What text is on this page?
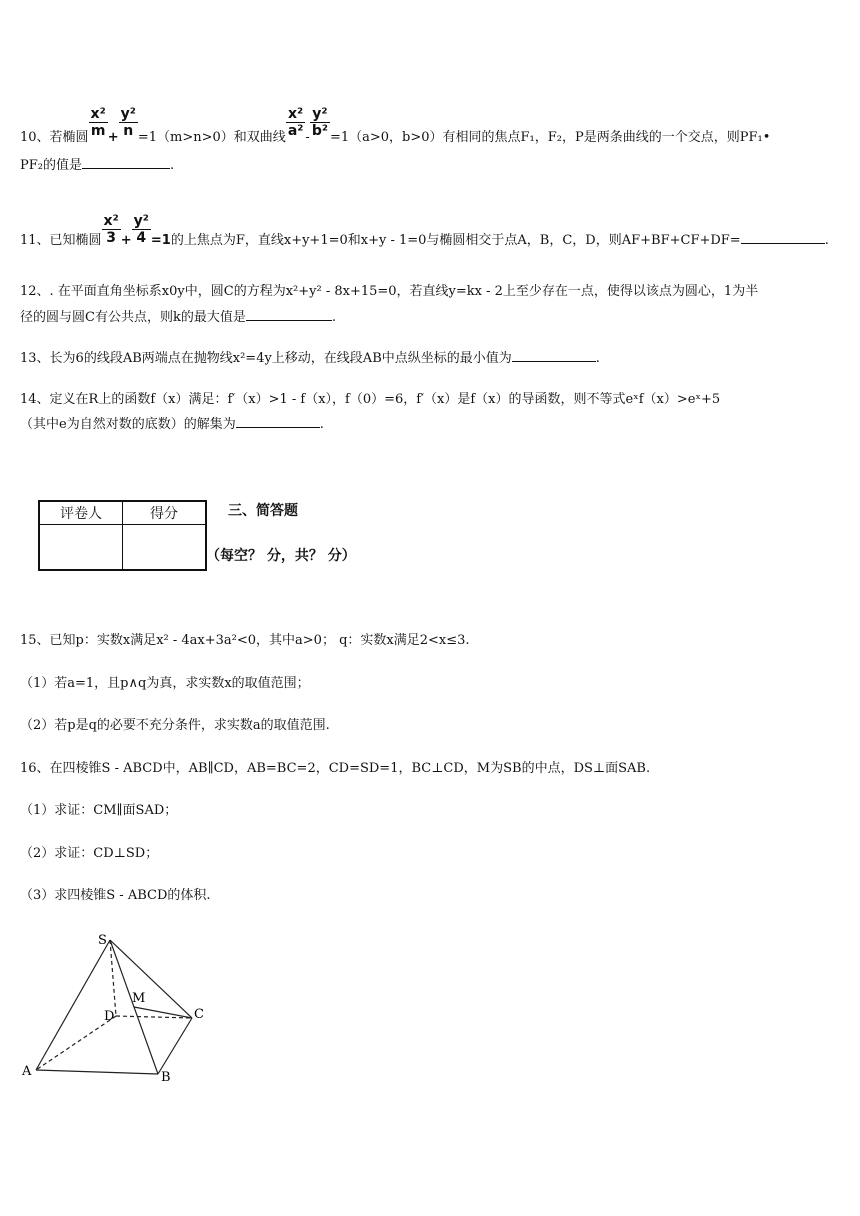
10、若椭圆 $\frac{\text{x²}}{m} + \frac{\text{y²}}{n} =1(m>n>0)$和双曲线 $\frac{\text{x²}}{\text{a²}} - \frac{\text{y²}}{\text{b²}} =1(a>0$，b>0）有相同的焦点F₁，F₂，P是两条曲线的一个交点，则PF₁•
PF₂的值是	.
11、已知椭圆 $\frac{\text{x²}}{3} + \frac{\text{y²}}{4} =1$的上焦点为F，直线x+y+1=0和x+y - 1=0与椭圆相交于点A，B，C，D，则AF+BF+CF+DF=	.
12、. 在平面直角坐标系x0y中，圆C的方程为x²+y² - 8x+15=0，若直线y=kx - 2上至少存在一点，使得以该点为圆心，1为半
径的圆与圆C有公共点，则k的最大值是	.
13、长为6的线段AB两端点在抛物线x²=4y上移动，在线段AB中点纵坐标的最小值为	.
14、定义在R上的函数f（x）满足：f′（x）>1 - f（x），f（0）=6，f′（x）是f（x）的导函数，则不等式eˣf（x）>eˣ+5
（其中e为自然对数的底数）的解集为	.
评卷人	得分
		三、简答题
（每空？ 分，共？ 分）
15、已知p：实数x满足x² - 4ax+3a²<0，其中a>0； q：实数x满足2<x≤3.
（1）若a=1，且p∧q为真，求实数x的取值范围；
（2）若p是q的必要不充分条件，求实数a的取值范围.
16、在四棱锥S - ABCD中，AB∥CD，AB=BC=2，CD=SD=1，BC⊥CD，M为SB的中点，DS⊥面SAB.
（1）求证：CM∥面SAD；
（2）求证：CD⊥SD；
（3）求四棱锥S - ABCD的体积.
S
M
D	C
A	B
